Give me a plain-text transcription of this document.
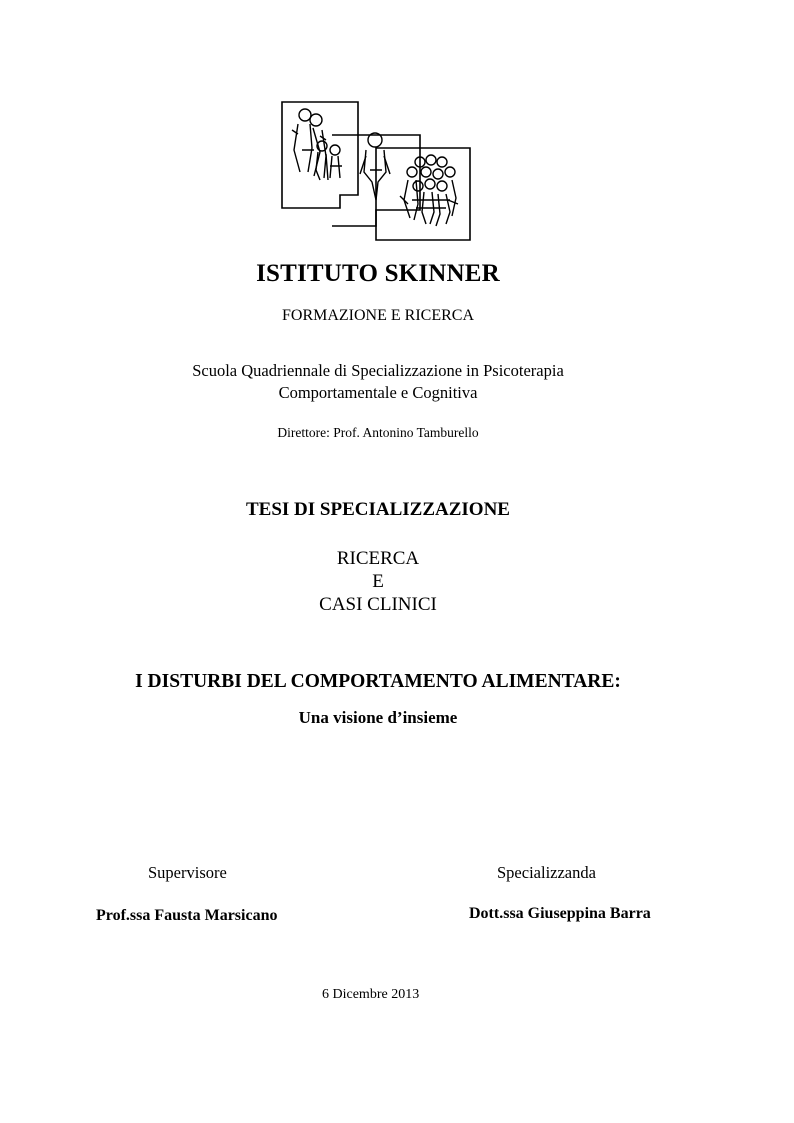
ISTITUTO SKINNER
FORMAZIONE E RICERCA
Scuola Quadriennale di Specializzazione in Psicoterapia
Comportamentale e Cognitiva
Direttore: Prof. Antonino Tamburello
TESI DI SPECIALIZZAZIONE
RICERCA
E
CASI CLINICI
I DISTURBI DEL COMPORTAMENTO ALIMENTARE:
Una visione d’insieme
Supervisore
Prof.ssa Fausta Marsicano
Specializzanda
Dott.ssa Giuseppina Barra
6 Dicembre 2013
